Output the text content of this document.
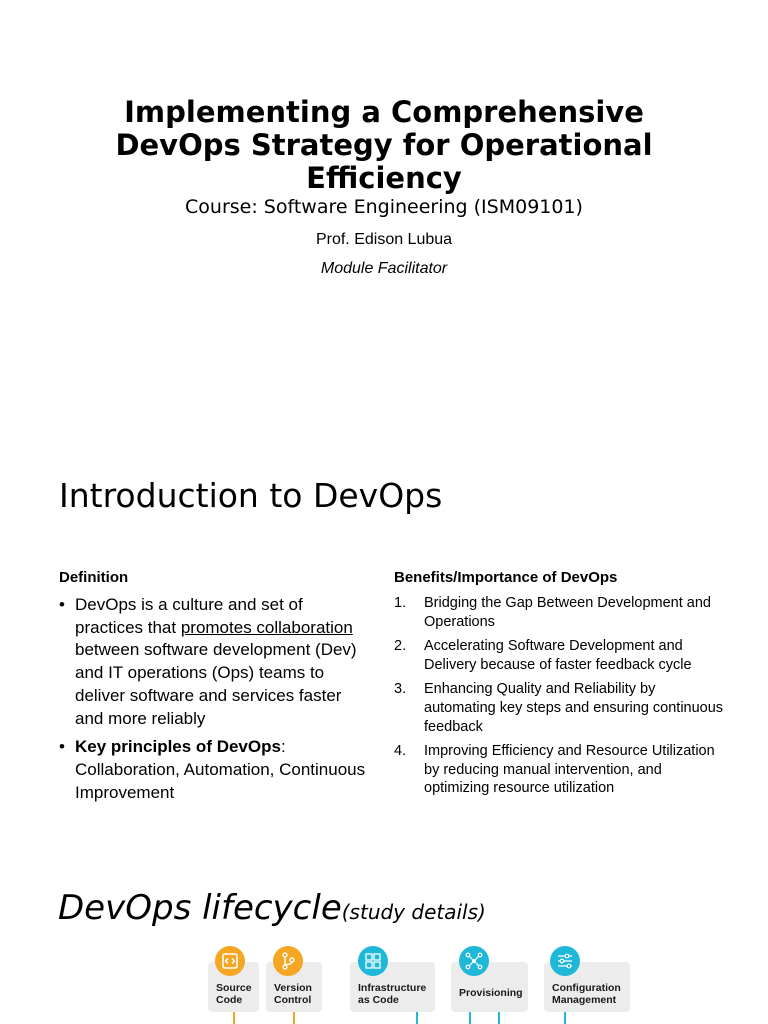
Implementing a Comprehensive DevOps Strategy for Operational Efficiency
Course: Software Engineering (ISM09101)
Prof. Edison Lubua
Module Facilitator
Introduction to DevOps
Definition
• DevOps is a culture and set of practices that promotes collaboration between software development (Dev) and IT operations (Ops) teams to deliver software and services faster and more reliably
• Key principles of DevOps: Collaboration, Automation, Continuous Improvement
Benefits/Importance of DevOps
1. Bridging the Gap Between Development and Operations
2. Accelerating Software Development and Delivery because of faster feedback cycle
3. Enhancing Quality and Reliability by automating key steps and ensuring continuous feedback
4. Improving Efficiency and Resource Utilization by reducing manual intervention, and optimizing resource utilization
DevOps lifecycle(study details)
Source Code
Version Control
Infrastructure as Code
Provisioning	Configuration Management
